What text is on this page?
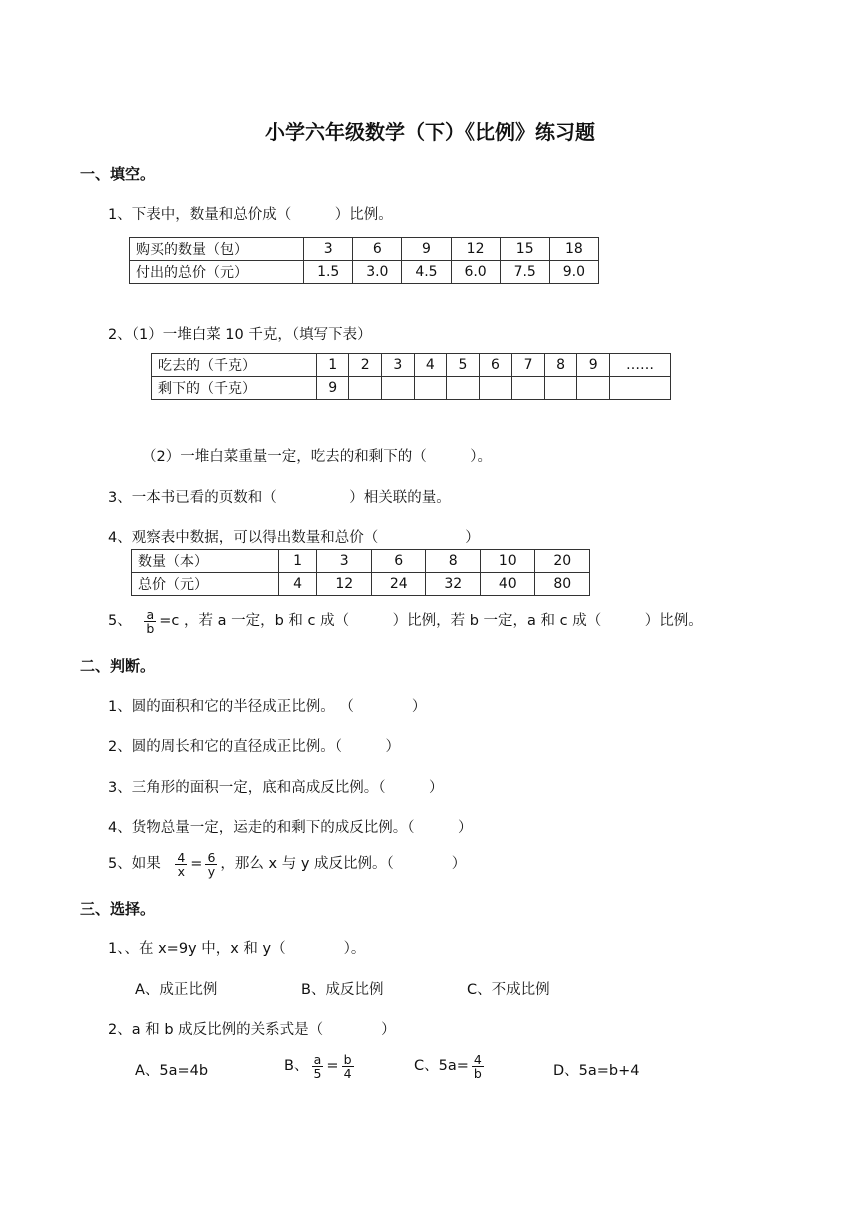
小学六年级数学（下）《比例》练习题
一、填空。
1、下表中，数量和总价成（　　　）比例。
购买的数量（包）	3	6	9	12	15	18
付出的总价（元）	1.5	3.0	4.5	6.0	7.5	9.0
2、（1）一堆白菜 10 千克，（填写下表）
吃去的（千克）	1	2	3	4	5	6	7	8	9	……
剩下的（千克）	9									
（2）一堆白菜重量一定，吃去的和剩下的（　　　）。
3、一本书已看的页数和（　　　　　）相关联的量。
4、观察表中数据，可以得出数量和总价（　　　　　　）
数量（本）	1	3	6	8	10	20
总价（元）	4	12	24	32	40	80
5、 $\frac{a}{b} =c$ ，若 a 一定，b 和 c 成（　　　）比例，若 b 一定，a 和 c 成（　　　）比例。
二、判断。
1、圆的面积和它的半径成正比例。 （　　　　）
2、圆的周长和它的直径成正比例。（　　　）
3、三角形的面积一定，底和高成反比例。（　　　）
4、货物总量一定，运走的和剩下的成反比例。（　　　）
5、如果 $\frac{4}{x} = \frac{6}{y}$ ，那么 x 与 y 成反比例。（　　　　）
三、选择。
1、、在 x=9y 中，x 和 y（　　　　）。
A、成正比例	B、成反比例	C、不成比例
2、a 和 b 成反比例的关系式是（　　　　）
A、5a=4b	B、 $\frac{a}{5} = \frac{b}{4}$	C、$5a= \frac{4}{b}$	D、5a=b+4
